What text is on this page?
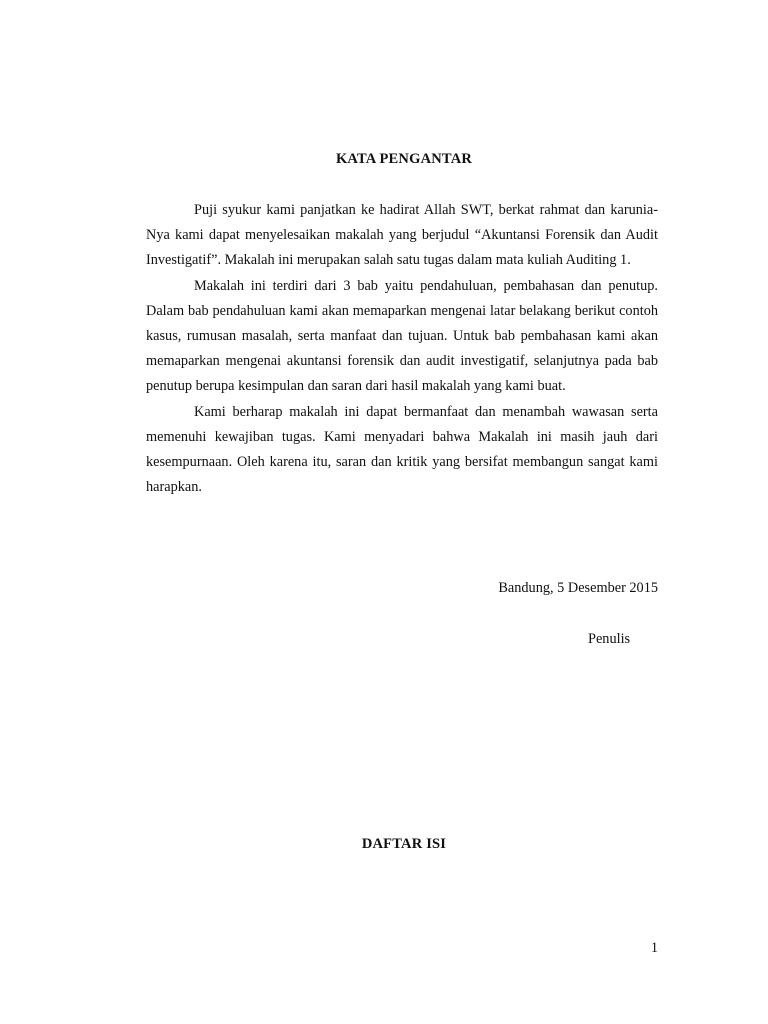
KATA PENGANTAR

Puji syukur kami panjatkan ke hadirat Allah SWT, berkat rahmat dan karunia-Nya kami dapat menyelesaikan makalah yang berjudul “Akuntansi Forensik dan Audit Investigatif”. Makalah ini merupakan salah satu tugas dalam mata kuliah Auditing 1.

Makalah ini terdiri dari 3 bab yaitu pendahuluan, pembahasan dan penutup. Dalam bab pendahuluan kami akan memaparkan mengenai latar belakang berikut contoh kasus, rumusan masalah, serta manfaat dan tujuan. Untuk bab pembahasan kami akan memaparkan mengenai akuntansi forensik dan audit investigatif, selanjutnya pada bab penutup berupa kesimpulan dan saran dari hasil makalah yang kami buat.

Kami berharap makalah ini dapat bermanfaat dan menambah wawasan serta memenuhi kewajiban tugas. Kami menyadari bahwa Makalah ini masih jauh dari kesempurnaan. Oleh karena itu, saran dan kritik yang bersifat membangun sangat kami harapkan.

Bandung, 5 Desember 2015
Penulis
DAFTAR ISI
1
